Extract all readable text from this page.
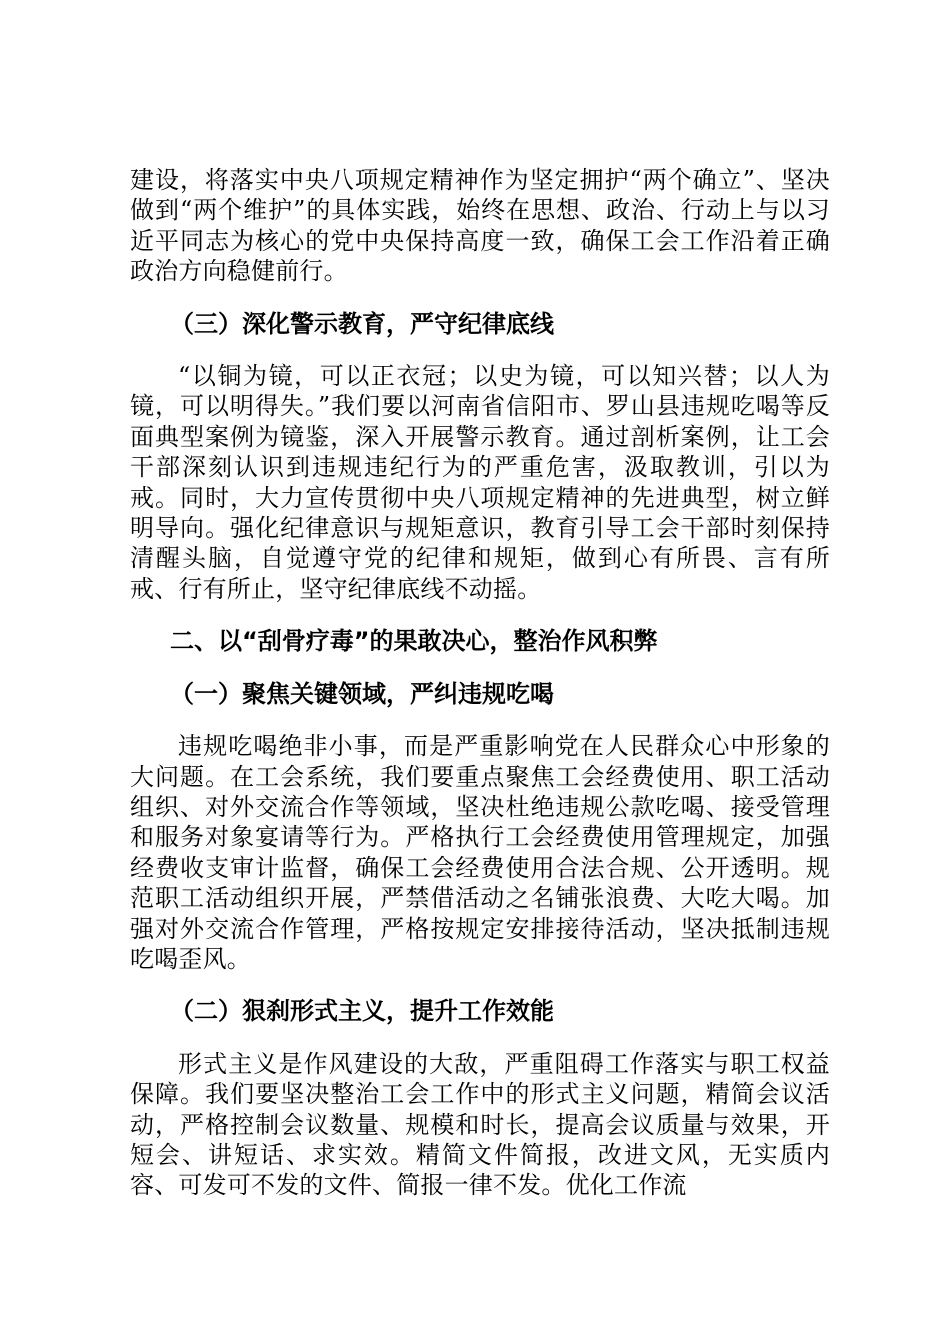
建设，将落实中央八项规定精神作为坚定拥护“两个确立”、坚决做到“两个维护”的具体实践，始终在思想、政治、行动上与以习近平同志为核心的党中央保持高度一致，确保工会工作沿着正确政治方向稳健前行。

（三）深化警示教育，严守纪律底线

“以铜为镜，可以正衣冠；以史为镜，可以知兴替；以人为镜，可以明得失。”我们要以河南省信阳市、罗山县违规吃喝等反面典型案例为镜鉴，深入开展警示教育。通过剖析案例，让工会干部深刻认识到违规违纪行为的严重危害，汲取教训，引以为戒。同时，大力宣传贯彻中央八项规定精神的先进典型，树立鲜明导向。强化纪律意识与规矩意识，教育引导工会干部时刻保持清醒头脑，自觉遵守党的纪律和规矩，做到心有所畏、言有所戒、行有所止，坚守纪律底线不动摇。

二、以“刮骨疗毒”的果敢决心，整治作风积弊

（一）聚焦关键领域，严纠违规吃喝

违规吃喝绝非小事，而是严重影响党在人民群众心中形象的大问题。在工会系统，我们要重点聚焦工会经费使用、职工活动组织、对外交流合作等领域，坚决杜绝违规公款吃喝、接受管理和服务对象宴请等行为。严格执行工会经费使用管理规定，加强经费收支审计监督，确保工会经费使用合法合规、公开透明。规范职工活动组织开展，严禁借活动之名铺张浪费、大吃大喝。加强对外交流合作管理，严格按规定安排接待活动，坚决抵制违规吃喝歪风。

（二）狠刹形式主义，提升工作效能

形式主义是作风建设的大敌，严重阻碍工作落实与职工权益保障。我们要坚决整治工会工作中的形式主义问题，精简会议活动，严格控制会议数量、规模和时长，提高会议质量与效果，开短会、讲短话、求实效。精简文件简报，改进文风，无实质内容、可发可不发的文件、简报一律不发。优化工作流
